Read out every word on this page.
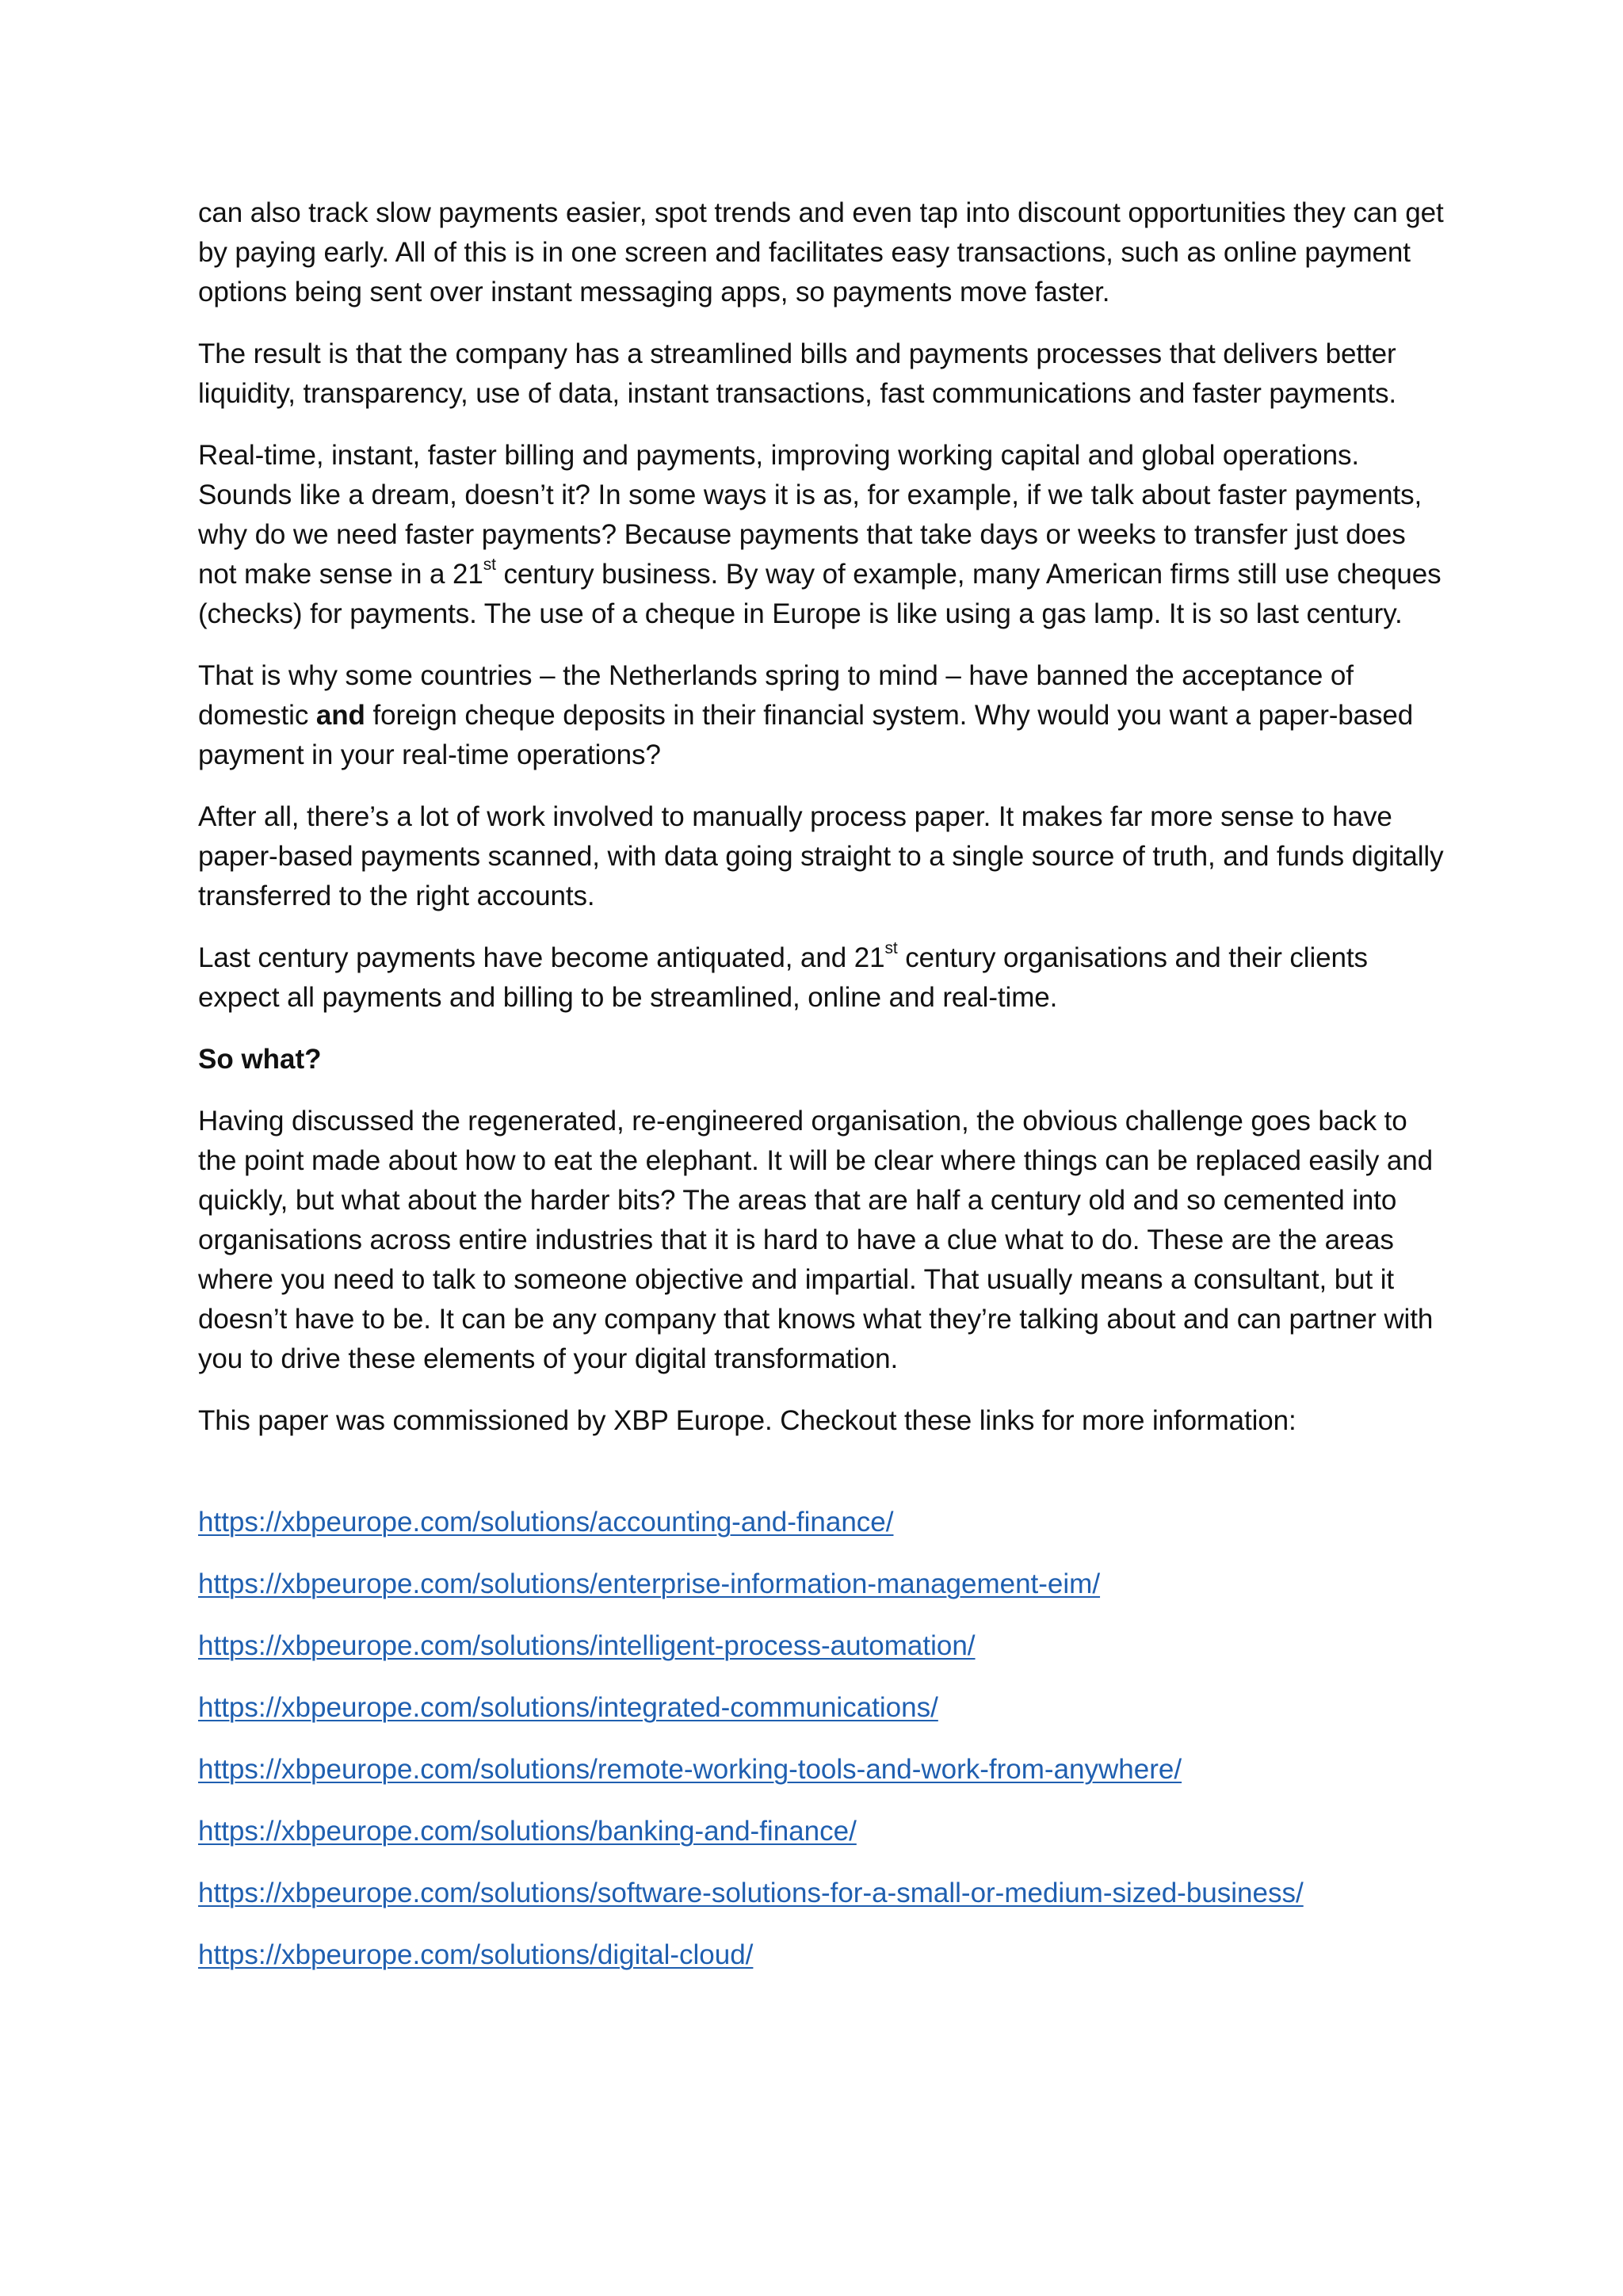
can also track slow payments easier, spot trends and even tap into discount opportunities they can get by paying early. All of this is in one screen and facilitates easy transactions, such as online payment options being sent over instant messaging apps, so payments move faster.

The result is that the company has a streamlined bills and payments processes that delivers better liquidity, transparency, use of data, instant transactions, fast communications and faster payments.

Real-time, instant, faster billing and payments, improving working capital and global operations. Sounds like a dream, doesn’t it? In some ways it is as, for example, if we talk about faster payments, why do we need faster payments? Because payments that take days or weeks to transfer just does not make sense in a 21st century business. By way of example, many American firms still use cheques (checks) for payments. The use of a cheque in Europe is like using a gas lamp. It is so last century.

That is why some countries – the Netherlands spring to mind – have banned the acceptance of domestic and foreign cheque deposits in their financial system. Why would you want a paper-based payment in your real-time operations?

After all, there’s a lot of work involved to manually process paper. It makes far more sense to have paper-based payments scanned, with data going straight to a single source of truth, and funds digitally transferred to the right accounts.

Last century payments have become antiquated, and 21st century organisations and their clients expect all payments and billing to be streamlined, online and real-time.

So what?

Having discussed the regenerated, re-engineered organisation, the obvious challenge goes back to the point made about how to eat the elephant. It will be clear where things can be replaced easily and quickly, but what about the harder bits? The areas that are half a century old and so cemented into organisations across entire industries that it is hard to have a clue what to do. These are the areas where you need to talk to someone objective and impartial. That usually means a consultant, but it doesn’t have to be. It can be any company that knows what they’re talking about and can partner with you to drive these elements of your digital transformation.

This paper was commissioned by XBP Europe. Checkout these links for more information:

https://xbpeurope.com/solutions/accounting-and-finance/

https://xbpeurope.com/solutions/enterprise-information-management-eim/

https://xbpeurope.com/solutions/intelligent-process-automation/

https://xbpeurope.com/solutions/integrated-communications/

https://xbpeurope.com/solutions/remote-working-tools-and-work-from-anywhere/

https://xbpeurope.com/solutions/banking-and-finance/

https://xbpeurope.com/solutions/software-solutions-for-a-small-or-medium-sized-business/

https://xbpeurope.com/solutions/digital-cloud/
